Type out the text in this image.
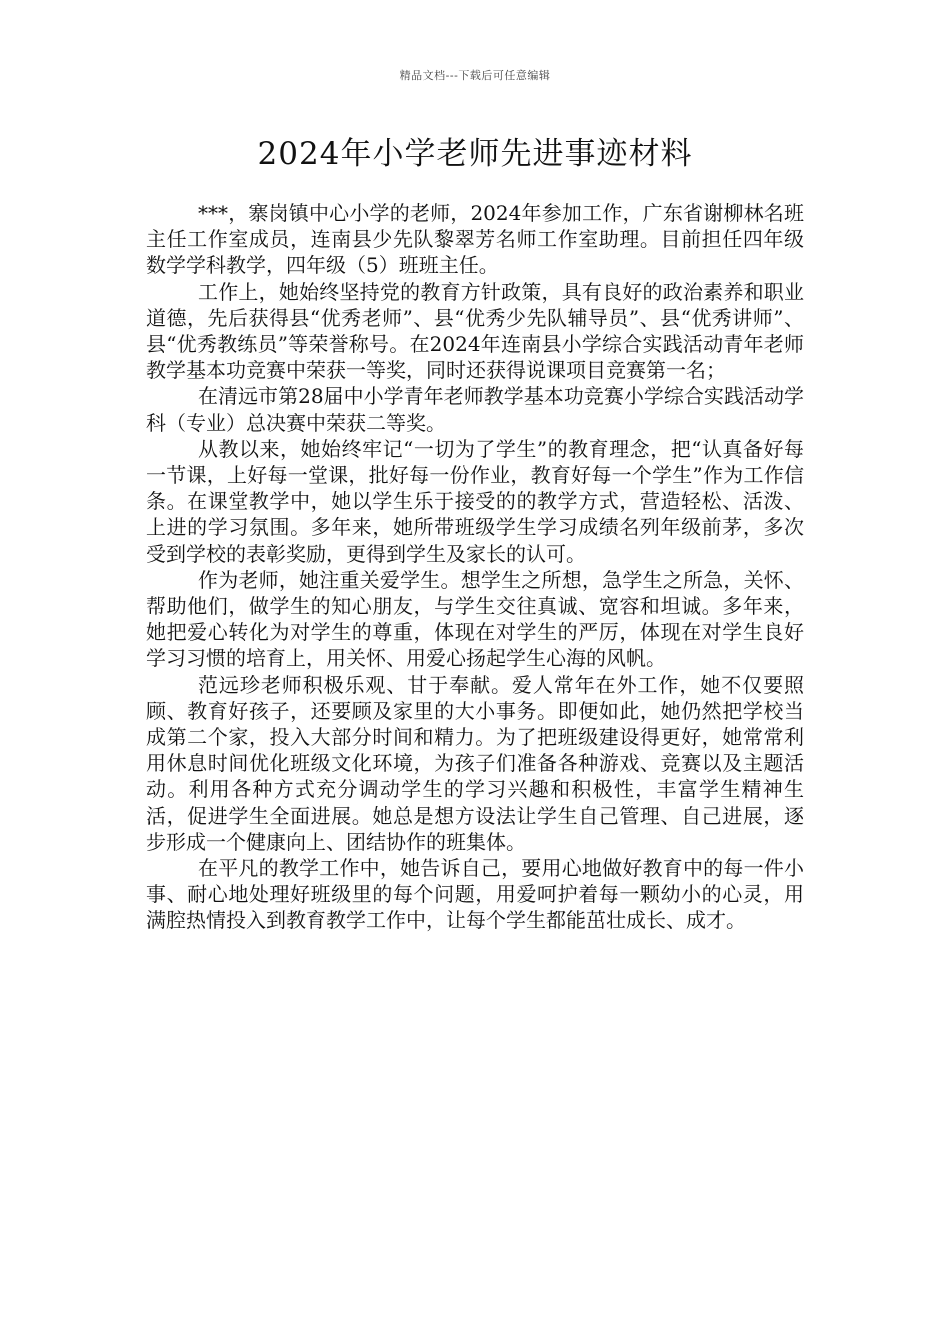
精品文档---下载后可任意编辑
2024年小学老师先进事迹材料

***，寨岗镇中心小学的老师，2024年参加工作，广东省谢柳林名班主任工作室成员，连南县少先队黎翠芳名师工作室助理。目前担任四年级数学学科教学，四年级（5）班班主任。

工作上，她始终坚持党的教育方针政策，具有良好的政治素养和职业道德，先后获得县“优秀老师”、县“优秀少先队辅导员”、县“优秀讲师”、县“优秀教练员”等荣誉称号。在2024年连南县小学综合实践活动青年老师教学基本功竞赛中荣获一等奖，同时还获得说课项目竞赛第一名；

在清远市第28届中小学青年老师教学基本功竞赛小学综合实践活动学科（专业）总决赛中荣获二等奖。

从教以来，她始终牢记“一切为了学生”的教育理念，把“认真备好每一节课，上好每一堂课，批好每一份作业，教育好每一个学生”作为工作信条。在课堂教学中，她以学生乐于接受的的教学方式，营造轻松、活泼、上进的学习氛围。多年来，她所带班级学生学习成绩名列年级前茅，多次受到学校的表彰奖励，更得到学生及家长的认可。

作为老师，她注重关爱学生。想学生之所想，急学生之所急，关怀、帮助他们，做学生的知心朋友，与学生交往真诚、宽容和坦诚。多年来，她把爱心转化为对学生的尊重，体现在对学生的严厉，体现在对学生良好学习习惯的培育上，用关怀、用爱心扬起学生心海的风帆。

范远珍老师积极乐观、甘于奉献。爱人常年在外工作，她不仅要照顾、教育好孩子，还要顾及家里的大小事务。即便如此，她仍然把学校当成第二个家，投入大部分时间和精力。为了把班级建设得更好，她常常利用休息时间优化班级文化环境，为孩子们准备各种游戏、竞赛以及主题活动。利用各种方式充分调动学生的学习兴趣和积极性，丰富学生精神生活，促进学生全面进展。她总是想方设法让学生自己管理、自己进展，逐步形成一个健康向上、团结协作的班集体。

在平凡的教学工作中，她告诉自己，要用心地做好教育中的每一件小事、耐心地处理好班级里的每个问题，用爱呵护着每一颗幼小的心灵，用满腔热情投入到教育教学工作中，让每个学生都能茁壮成长、成才。
